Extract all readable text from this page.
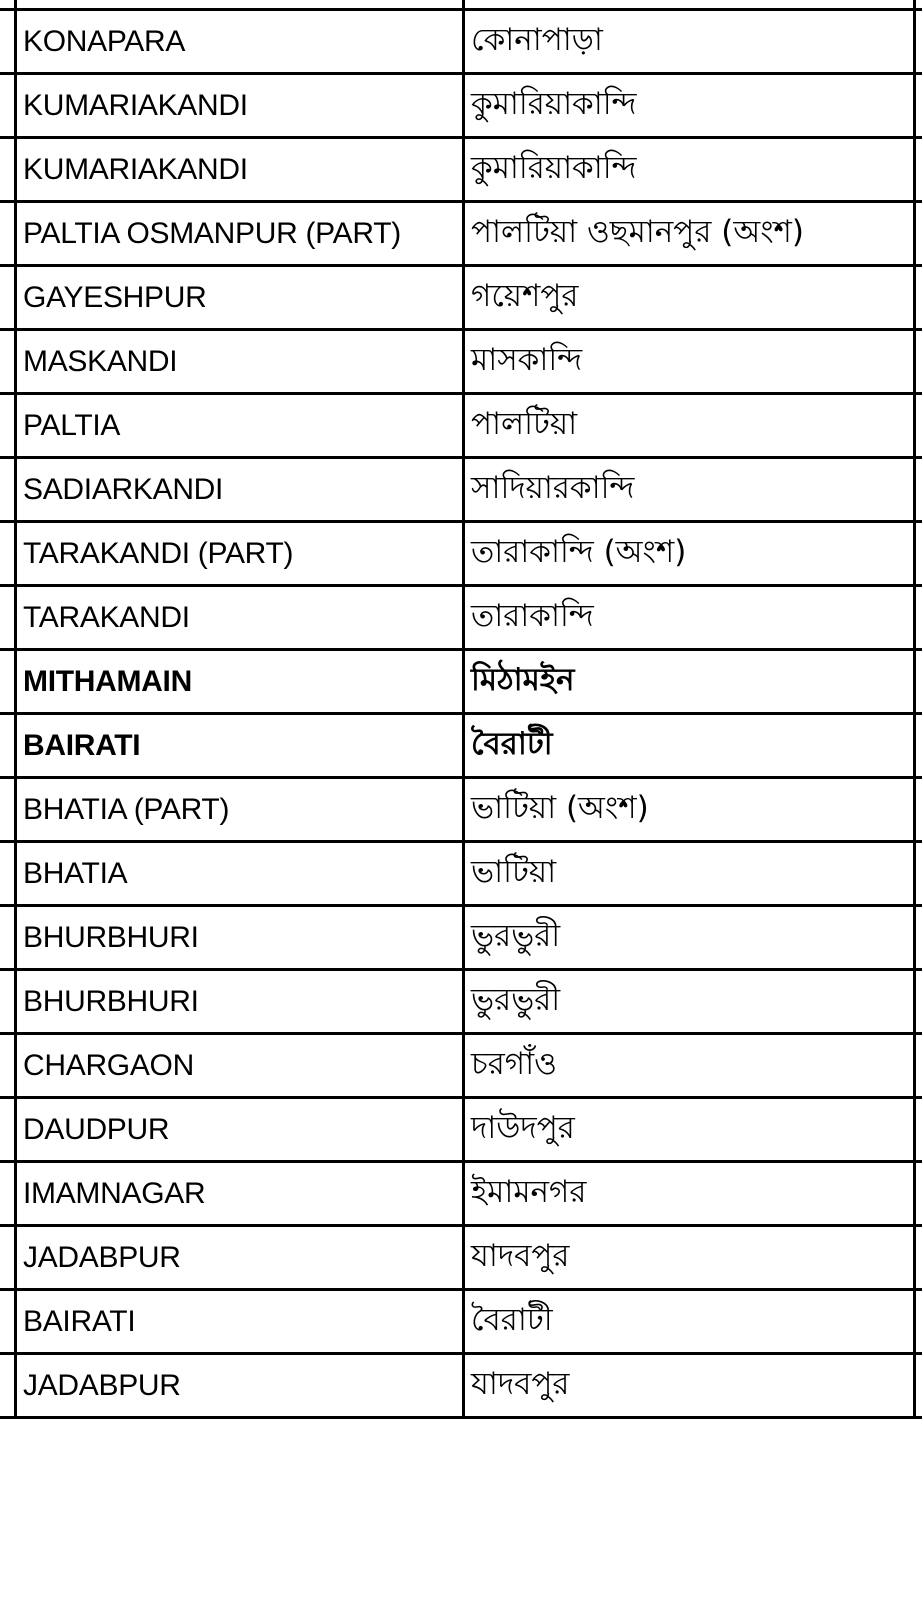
KONAPARA	কোনাপাড়া
KUMARIAKANDI	কুমারিয়াকান্দি
KUMARIAKANDI	কুমারিয়াকান্দি
PALTIA OSMANPUR (PART)	পালটিয়া ওছমানপুর (অংশ)
GAYESHPUR	গয়েশপুর
MASKANDI	মাসকান্দি
PALTIA	পালটিয়া
SADIARKANDI	সাদিয়ারকান্দি
TARAKANDI (PART)	তারাকান্দি (অংশ)
TARAKANDI	তারাকান্দি
MITHAMAIN	মিঠামইন
BAIRATI	বৈরাটী
BHATIA (PART)	ভাটিয়া (অংশ)
BHATIA	ভাটিয়া
BHURBHURI	ভুরভুরী
BHURBHURI	ভুরভুরী
CHARGAON	চরগাঁও
DAUDPUR	দাউদপুর
IMAMNAGAR	ইমামনগর
JADABPUR	যাদবপুর
BAIRATI	বৈরাটী
JADABPUR	যাদবপুর
